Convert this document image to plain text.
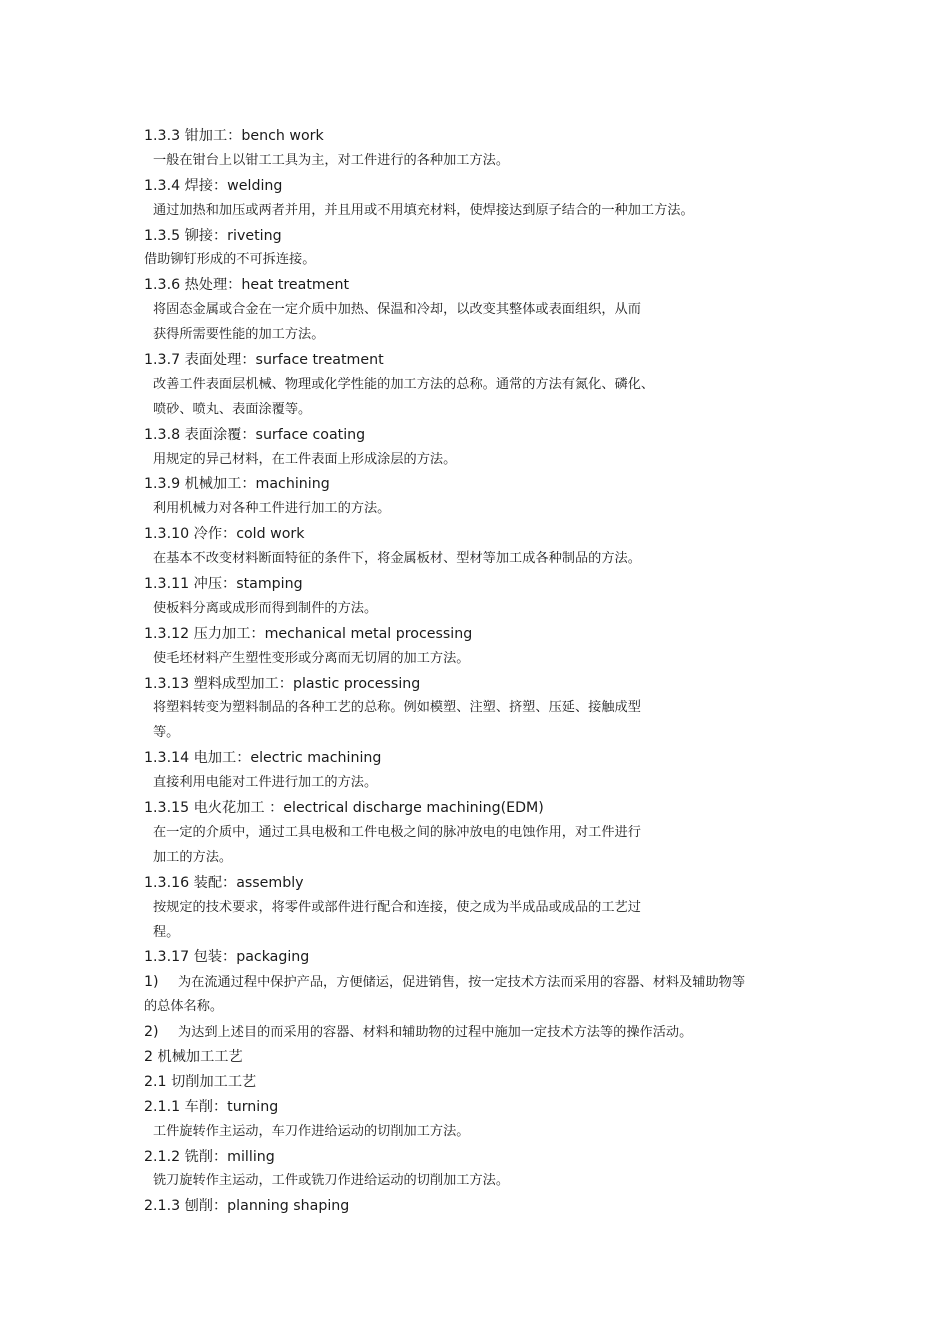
1.3.3 钳加工：bench work
一般在钳台上以钳工工具为主，对工件进行的各种加工方法。
1.3.4 焊接：welding
通过加热和加压或两者并用，并且用或不用填充材料，使焊接达到原子结合的一种加工方法。
1.3.5 铆接：riveting
借助铆钉形成的不可拆连接。
1.3.6 热处理：heat treatment
将固态金属或合金在一定介质中加热、保温和冷却，以改变其整体或表面组织，从而
获得所需要性能的加工方法。
1.3.7 表面处理：surface treatment
改善工件表面层机械、物理或化学性能的加工方法的总称。通常的方法有氮化、磷化、
喷砂、喷丸、表面涂覆等。
1.3.8 表面涂覆：surface coating
用规定的异己材料，在工件表面上形成涂层的方法。
1.3.9 机械加工：machining
利用机械力对各种工件进行加工的方法。
1.3.10 冷作：cold work
在基本不改变材料断面特征的条件下，将金属板材、型材等加工成各种制品的方法。
1.3.11 冲压：stamping
使板料分离或成形而得到制件的方法。
1.3.12 压力加工：mechanical metal processing
使毛坯材料产生塑性变形或分离而无切屑的加工方法。
1.3.13 塑料成型加工：plastic processing
将塑料转变为塑料制品的各种工艺的总称。例如模塑、注塑、挤塑、压延、接触成型
等。
1.3.14 电加工：electric machining
直接利用电能对工件进行加工的方法。
1.3.15 电火花加工 ：electrical discharge machining(EDM)
在一定的介质中，通过工具电极和工件电极之间的脉冲放电的电蚀作用，对工件进行
加工的方法。
1.3.16 装配：assembly
按规定的技术要求，将零件或部件进行配合和连接，使之成为半成品或成品的工艺过
程。
1.3.17 包装：packaging
1) 为在流通过程中保护产品，方便储运，促进销售，按一定技术方法而采用的容器、材料及辅助物等
的总体名称。
2) 为达到上述目的而采用的容器、材料和辅助物的过程中施加一定技术方法等的操作活动。
2 机械加工工艺
2.1 切削加工工艺
2.1.1 车削：turning
工件旋转作主运动，车刀作进给运动的切削加工方法。
2.1.2 铣削：milling
铣刀旋转作主运动，工件或铣刀作进给运动的切削加工方法。
2.1.3 刨削：planning shaping
